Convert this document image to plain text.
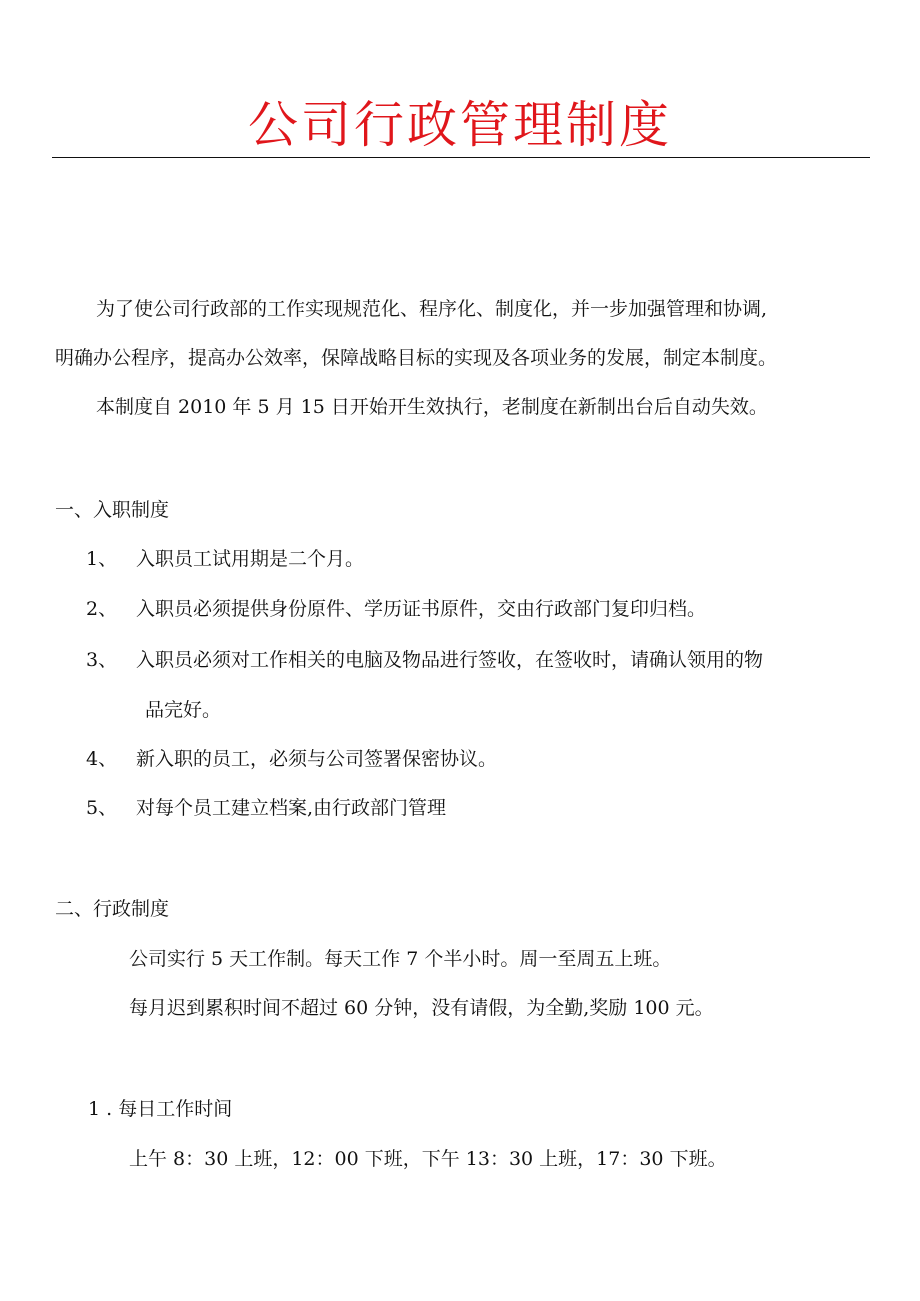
公司行政管理制度

为了使公司行政部的工作实现规范化、程序化、制度化，并一步加强管理和协调,

明确办公程序，提高办公效率，保障战略目标的实现及各项业务的发展，制定本制度。

本制度自 2010 年 5 月 15 日开始开生效执行，老制度在新制出台后自动失效。

一、入职制度

1、 入职员工试用期是二个月。
2、 入职员必须提供身份原件、学历证书原件，交由行政部门复印归档。
3、 入职员必须对工作相关的电脑及物品进行签收，在签收时，请确认领用的物
品完好。
4、 新入职的员工，必须与公司签署保密协议。
5、 对每个员工建立档案,由行政部门管理

二、行政制度

公司实行 5 天工作制。每天工作 7 个半小时。周一至周五上班。

每月迟到累积时间不超过 60 分钟，没有请假，为全勤,奖励 100 元。

1 . 每日工作时间

上午 8：30 上班，12：00 下班，下午 13：30 上班，17：30 下班。
